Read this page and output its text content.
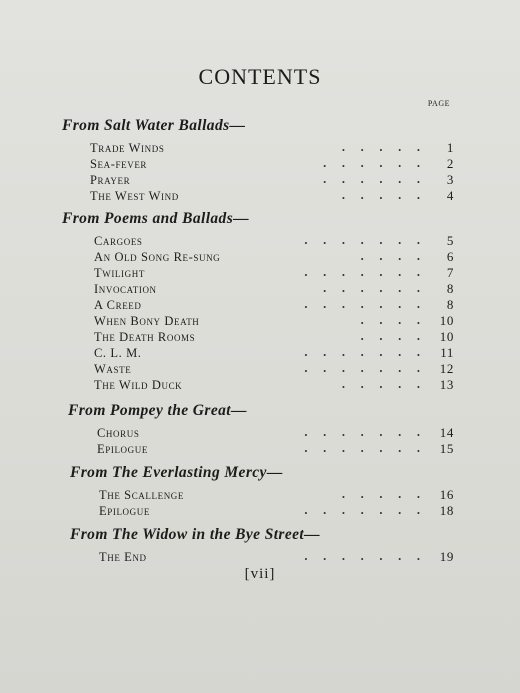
CONTENTS
PAGE
From Salt Water Ballads—
Trade Winds	.     .     .     .     .	1
Sea-fever	.     .     .     .     .     .	2
Prayer	.     .     .     .     .     .	3
The West Wind	.     .     .     .     .	4
From Poems and Ballads—
Cargoes	.     .     .     .     .     .     .	5
An Old Song Re-sung	.     .     .     .	6
Twilight	.     .     .     .     .     .     .	7
Invocation	.     .     .     .     .     .	8
A Creed	.     .     .     .     .     .     .	8
When Bony Death	.     .     .     .	10
The Death Rooms	.     .     .     .	10
C. L. M.	.     .     .     .     .     .     .	11
Waste	.     .     .     .     .     .     .	12
The Wild Duck	.     .     .     .     .	13
From Pompey the Great—
Chorus	.     .     .     .     .     .     .	14
Epilogue	.     .     .     .     .     .     .	15
From The Everlasting Mercy—
The Scallenge	.     .     .     .     .	16
Epilogue	.     .     .     .     .     .     .	18
From The Widow in the Bye Street—
The End	.     .     .     .     .     .     .	19
[vii]
